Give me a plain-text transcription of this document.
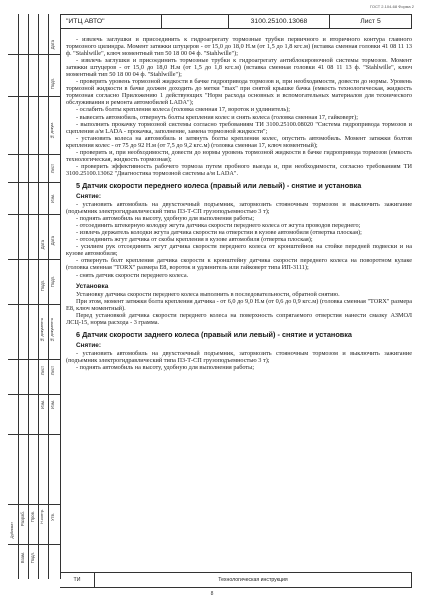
ГОСТ 2.104-68 Форма 2
Дата
Подп.
№ докум.
Лист
Изм.
Дата
Подп.
№ документа
Лист
Изм.
Дата
Подп.
№ документа
Лист
Изм.
Разраб. Пров. Н.контр. Утв.
Дубликат
Взам. Подл.
"ИТЦ АВТО"	3100.25100.13068	Лист 5

- извлечь заглушки и присоединить к гидроагрегату тормозные трубки первичного и вторичного контура главного тормозного цилиндра. Момент затяжки штуцеров - от 15,0 до 18,0 Н.м (от 1,5 до 1,8 кгс.м) (вставка сменная головки 41 08 11 13 ф. "Stahlwille", ключ моментный тип 50 18 00 04 ф. "Stahlwille");

- извлечь заглушки и присоединить тормозные трубки к гидроагрегату антиблокировочной системы тормозов. Момент затяжки штуцеров - от 15,0 до 18,0 Н.м (от 1,5 до 1,8 кгс.м) (вставка сменная головки 41 08 11 13 ф. "Stahlwille", ключ моментный тип 50 18 00 04 ф. "Stahlwille");

- проверить уровень тормозной жидкости в бачке гидропривода тормозов и, при необходимости, довести до нормы. Уровень тормозной жидкости в бачке должен доходить до метки "max" при снятой крышке бачка (емкость технологическая, жидкость тормозная согласно Приложению 1 действующих "Норм расхода основных и вспомогательных материалов для технического обслуживания и ремонта автомобилей LADA");

- ослабить болты крепления колеса (головка сменная 17, вороток и удлинитель);

- вывесить автомобиль, отвернуть болты крепления колес и снять колеса (головка сменная 17, гайковерт);

- выполнить прокачку тормозной системы согласно требованиям ТИ 3100.25100.08020 "Система гидропривода тормозов и сцепления а/м LADA - прокачка, заполнение, замена тормозной жидкости";

- установить колеса на автомобиль и затянуть болты крепления колес, опустить автомобиль. Момент затяжки болтов крепления колес - от 75 до 92 Н.м (от 7,5 до 9,2 кгс.м) (головка сменная 17, ключ моментный);

- проверить и, при необходимости, довести до нормы уровень тормозной жидкости в бачке гидропривода тормозов (емкость технологическая, жидкость тормозная);

- проверить эффективность рабочего тормоза путем пробного выезда и, при необходимости, согласно требованиям ТИ 3100.25100.13062 "Диагностика тормозной системы а/м LADA".

5 Датчик скорости переднего колеса (правый или левый) - снятие и установка
Снятие:

- установить автомобиль на двухстоечный подъемник, затормозить стояночным тормозом и выключить зажигание (подъемник электрогидравлический типа П3-Т-СП грузоподъемностью 3 т);

- поднять автомобиль на высоту, удобную для выполнения работы;

- отсоединить штекерную колодку жгута датчика скорости переднего колеса от жгута проводов переднего;

- извлечь держатель колодки жгута датчика скорости на отверстии в кузове автомобиля (отвертка плоская);

- отсоединить жгут датчика от скобы крепления в кузове автомобиля (отвертка плоская);

- усилием рук отсоединить жгут датчика скорости переднего колеса от кронштейнов на стойке передней подвески и на кузове автомобиля;

- отвернуть болт крепления датчика скорости к кронштейну датчика скорости переднего колеса на поворотном кулаке (головка сменная "TORX" размера Е8, вороток и удлинитель или гайковерт типа ИП-3111);

- снять датчик скорости переднего колеса.

Установка

Установку датчика скорости переднего колеса выполнить в последовательности, обратной снятию.

При этом, момент затяжки болта крепления датчика - от 6,0 до 9,0 Н.м (от 0,6 до 0,9 кгс.м) (головка сменная "TORX" размера Е8, ключ моментный).

Перед установкой датчика скорости переднего колеса на поверхность сопрягаемого отверстия нанести смазку АЗМОЛ ЛСЦ-15, норма расхода - 3 грамма.

6 Датчик скорости заднего колеса (правый или левый) - снятие и установка
Снятие:

- установить автомобиль на двухстоечный подъемник, затормозить стояночным тормозом и выключить зажигание (подъемник электрогидравлический типа П3-Т-СП грузоподъемностью 3 т);

- поднять автомобиль на высоту, удобную для выполнения работы;

ТИ	Технологическая инструкция
8
